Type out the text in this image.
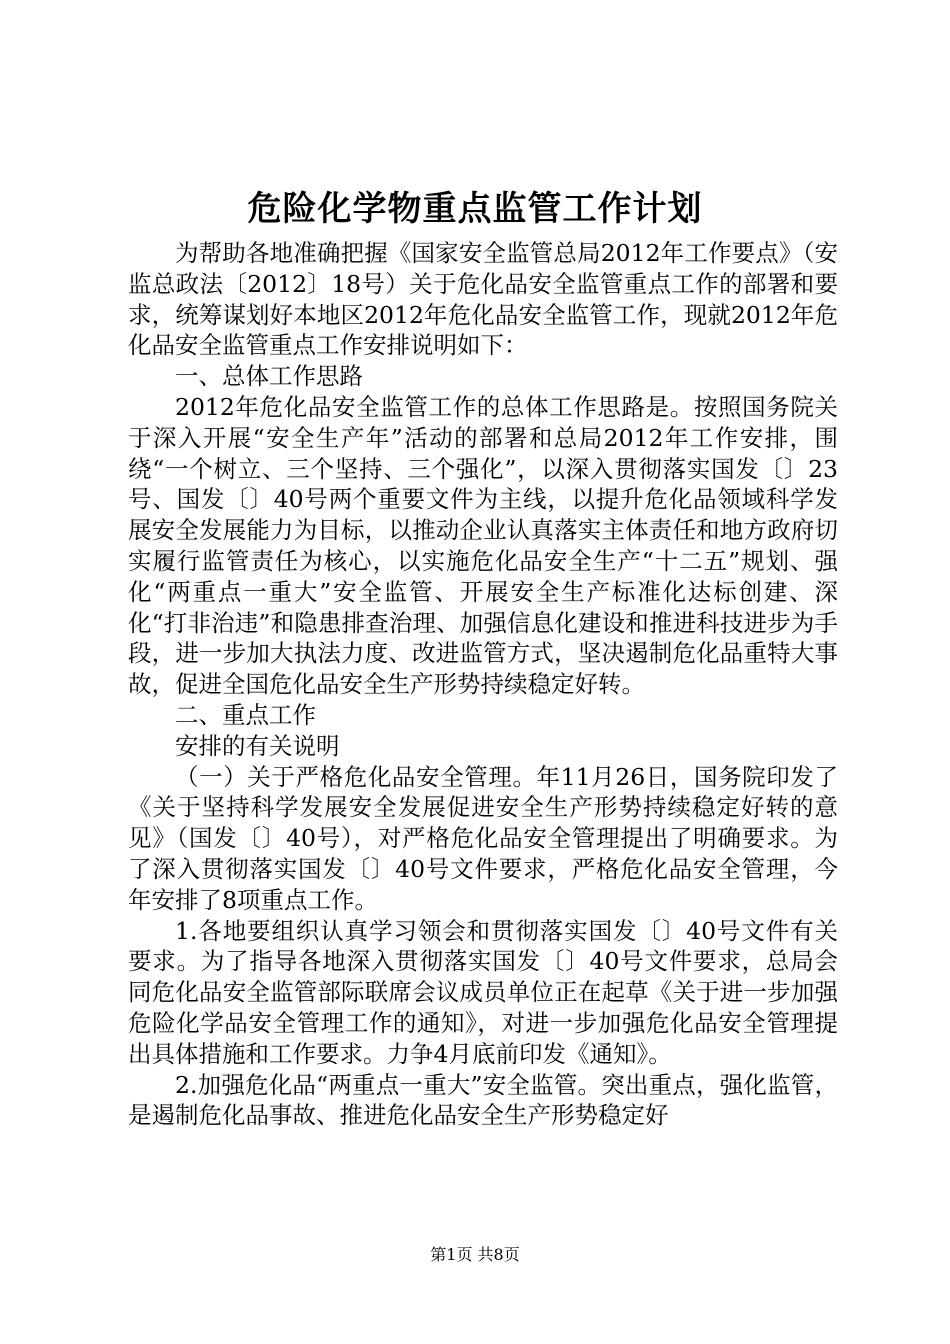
危险化学物重点监管工作计划

为帮助各地准确把握《国家安全监管总局2012年工作要点》（安监总政法〔2012〕18号）关于危化品安全监管重点工作的部署和要求，统筹谋划好本地区2012年危化品安全监管工作，现就2012年危化品安全监管重点工作安排说明如下：

一、总体工作思路

2012年危化品安全监管工作的总体工作思路是。按照国务院关于深入开展“安全生产年”活动的部署和总局2012年工作安排，围绕“一个树立、三个坚持、三个强化”，以深入贯彻落实国发〔〕23号、国发〔〕40号两个重要文件为主线，以提升危化品领域科学发展安全发展能力为目标，以推动企业认真落实主体责任和地方政府切实履行监管责任为核心，以实施危化品安全生产“十二五”规划、强化“两重点一重大”安全监管、开展安全生产标准化达标创建、深化“打非治违”和隐患排查治理、加强信息化建设和推进科技进步为手段，进一步加大执法力度、改进监管方式，坚决遏制危化品重特大事故，促进全国危化品安全生产形势持续稳定好转。

二、重点工作

安排的有关说明

（一）关于严格危化品安全管理。年11月26日，国务院印发了《关于坚持科学发展安全发展促进安全生产形势持续稳定好转的意见》（国发〔〕40号），对严格危化品安全管理提出了明确要求。为了深入贯彻落实国发〔〕40号文件要求，严格危化品安全管理，今年安排了8项重点工作。

1.各地要组织认真学习领会和贯彻落实国发〔〕40号文件有关要求。为了指导各地深入贯彻落实国发〔〕40号文件要求，总局会同危化品安全监管部际联席会议成员单位正在起草《关于进一步加强危险化学品安全管理工作的通知》，对进一步加强危化品安全管理提出具体措施和工作要求。力争4月底前印发《通知》。

2.加强危化品“两重点一重大”安全监管。突出重点，强化监管，是遏制危化品事故、推进危化品安全生产形势稳定好

第1页 共8页
